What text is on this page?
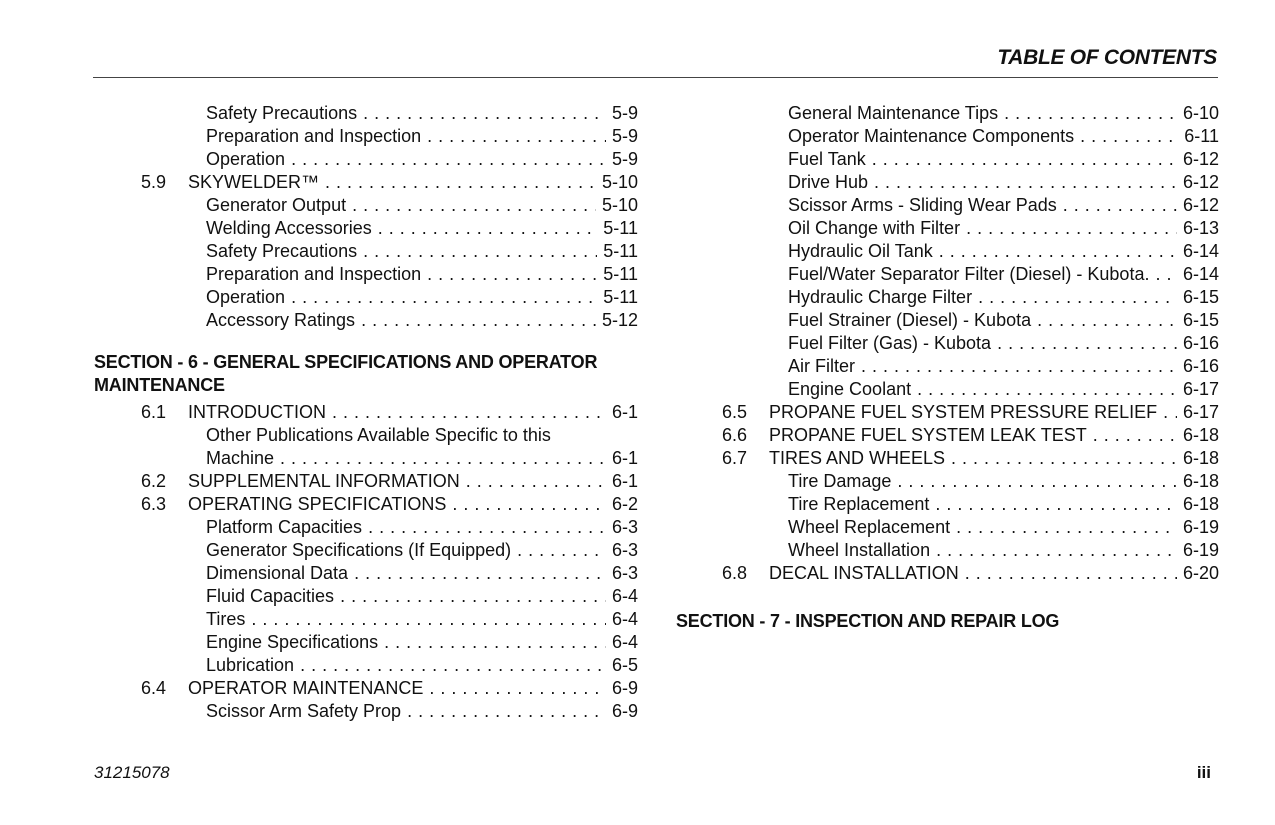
TABLE OF CONTENTS
Safety Precautions . . .	5-9
Preparation and Inspection . . .	5-9
Operation . . .	5-9
5.9 SKYWELDER™ . . .	5-10
Generator Output . . .	5-10
Welding Accessories . . .	5-11
Safety Precautions . . .	5-11
Preparation and Inspection . . .	5-11
Operation . . .	5-11
Accessory Ratings . . .	5-12
SECTION - 6 - GENERAL SPECIFICATIONS AND OPERATOR
MAINTENANCE
6.1 INTRODUCTION . . .	6-1
Other Publications Available Specific to this
Machine . . .	6-1
6.2 SUPPLEMENTAL INFORMATION . . .	6-1
6.3 OPERATING SPECIFICATIONS . . .	6-2
Platform Capacities . . .	6-3
Generator Specifications (If Equipped) . . .	6-3
Dimensional Data . . .	6-3
Fluid Capacities . . .	6-4
Tires . . .	6-4
Engine Specifications . . .	6-4
Lubrication . . .	6-5
6.4 OPERATOR MAINTENANCE . . .	6-9
Scissor Arm Safety Prop . . .	6-9
General Maintenance Tips . . .	6-10
Operator Maintenance Components . . .	6-11
Fuel Tank . . .	6-12
Drive Hub . . .	6-12
Scissor Arms - Sliding Wear Pads . . .	6-12
Oil Change with Filter . . .	6-13
Hydraulic Oil Tank . . .	6-14
Fuel/Water Separator Filter (Diesel) - Kubota. . . . 6-14
Hydraulic Charge Filter . . .	6-15
Fuel Strainer (Diesel) - Kubota . . .	6-15
Fuel Filter (Gas) - Kubota . . .	6-16
Air Filter . . .	6-16
Engine Coolant . . .	6-17
6.5 PROPANE FUEL SYSTEM PRESSURE RELIEF . . . 6-17
6.6 PROPANE FUEL SYSTEM LEAK TEST . . .	6-18
6.7 TIRES AND WHEELS . . .	6-18
Tire Damage . . .	6-18
Tire Replacement . . .	6-18
Wheel Replacement . . .	6-19
Wheel Installation . . .	6-19
6.8 DECAL INSTALLATION . . .	6-20
SECTION - 7 - INSPECTION AND REPAIR LOG
31215078	iii
